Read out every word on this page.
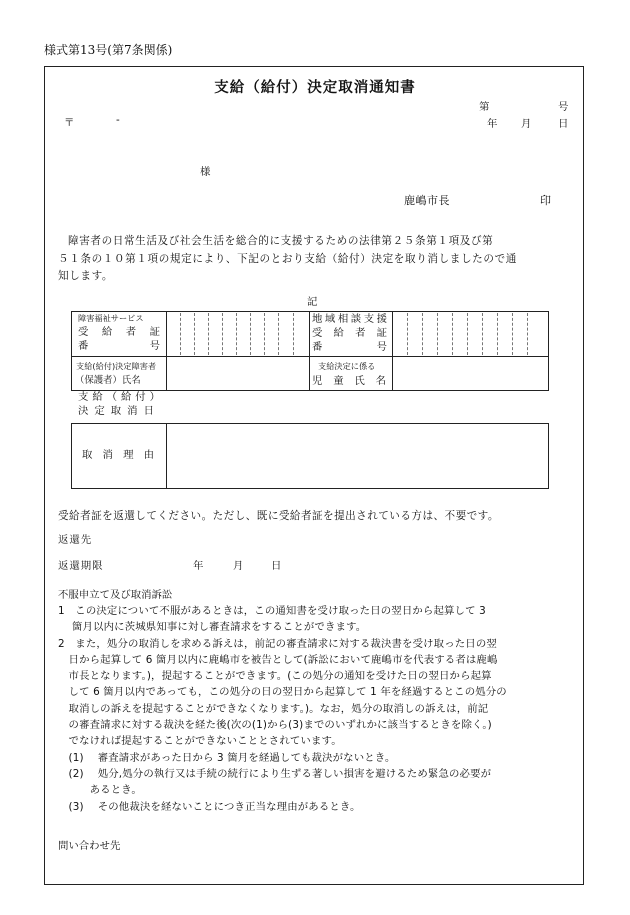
様式第13号(第7条関係)
支給（給付）決定取消通知書
第	号
年 月	日
〒	-
様
鹿嶋市長	印
障害者の日常生活及び社会生活を総合的に支援するための法律第２５条第１項及び第
５１条の１０第１項の規定により、下記のとおり支給（給付）決定を取り消しましたので通
知します。
記
障害福祉サービス
受 給 者 証
番	号
地 域 相 談 支 援
受 給 者 証
番	号
支給(給付)決定障害者
（保護者）氏名
支給決定に係る
児 童 氏 名
支 給 （ 給 付 ）
決 定 取 消 日
取 消 理 由
受給者証を返還してください。ただし、既に受給者証を提出されている方は、不要です。
返還先
返還期限	年	月	日
不服申立て及び取消訴訟
1　この決定について不服があるときは，この通知書を受け取った日の翌日から起算して 3
　 箇月以内に茨城県知事に対し審査請求をすることができます。
2　また，処分の取消しを求める訴えは，前記の審査請求に対する裁決書を受け取った日の翌
　日から起算して 6 箇月以内に鹿嶋市を被告として(訴訟において鹿嶋市を代表する者は鹿嶋
　市長となります。)，提起することができます。(この処分の通知を受けた日の翌日から起算
　して 6 箇月以内であっても，この処分の日の翌日から起算して 1 年を経過するとこの処分の
　取消しの訴えを提起することができなくなります。)。なお，処分の取消しの訴えは，前記
　の審査請求に対する裁決を経た後(次の(1)から(3)までのいずれかに該当するときを除く。)
　でなければ提起することができないこととされています。
　(1)　 審査請求があった日から 3 箇月を経過しても裁決がないとき。
　(2)　 処分,処分の執行又は手続の続行により生ずる著しい損害を避けるため緊急の必要が
　　　あるとき。
　(3)　 その他裁決を経ないことにつき正当な理由があるとき。
問い合わせ先
